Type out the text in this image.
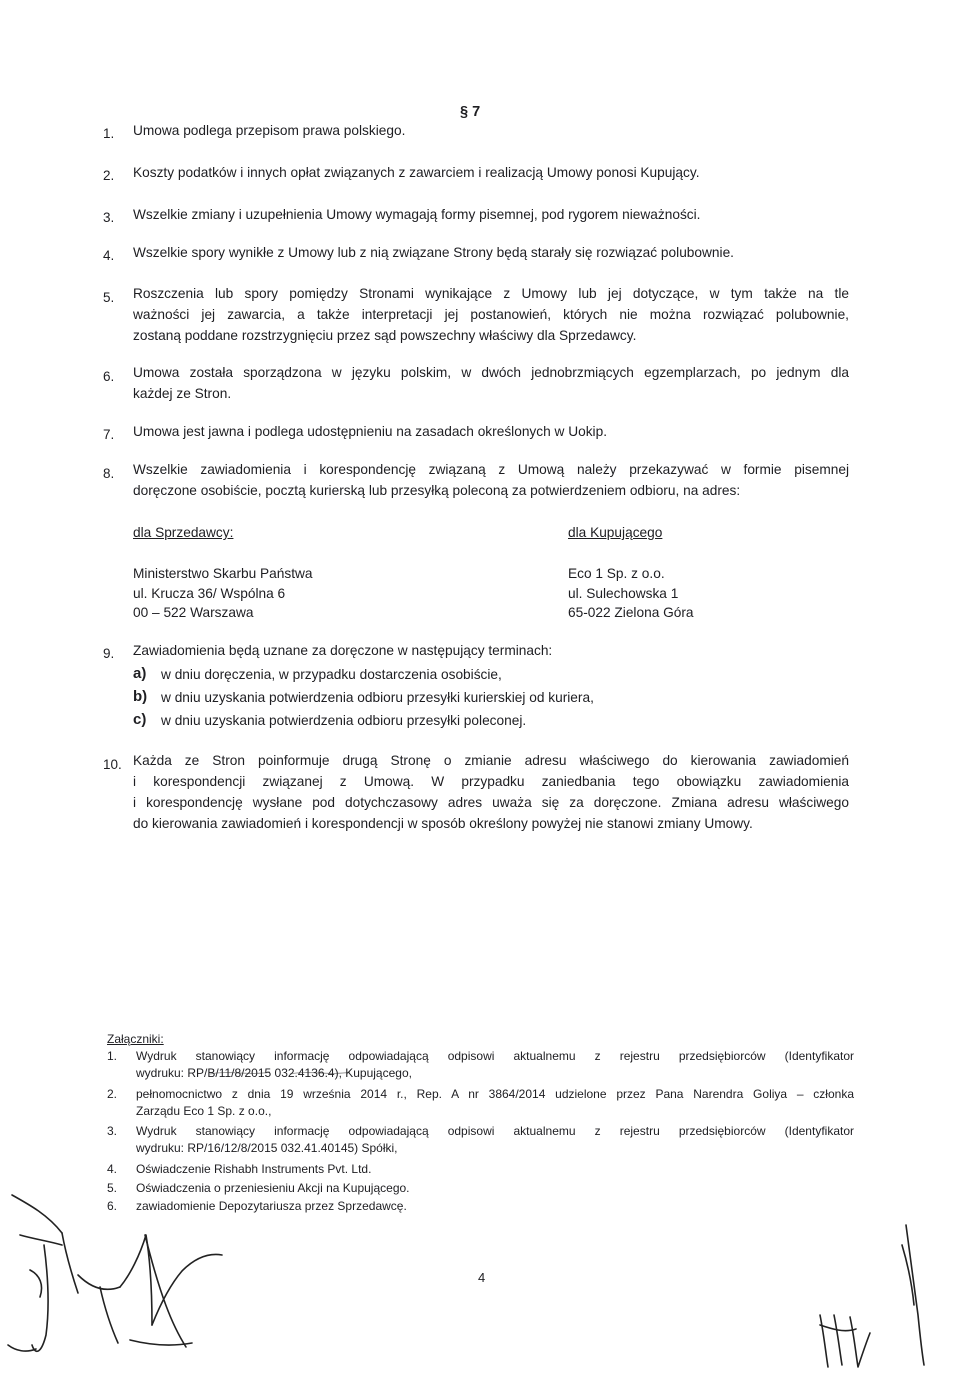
§ 7
1. Umowa podlega przepisom prawa polskiego.
2. Koszty podatków i innych opłat związanych z zawarciem i realizacją Umowy ponosi Kupujący.
3. Wszelkie zmiany i uzupełnienia Umowy wymagają formy pisemnej, pod rygorem nieważności.
4. Wszelkie spory wynikłe z Umowy lub z nią związane Strony będą starały się rozwiązać polubownie.
5. Roszczenia lub spory pomiędzy Stronami wynikające z Umowy lub jej dotyczące, w tym także na tle
ważności jej zawarcia, a także interpretacji jej postanowień, których nie można rozwiązać polubownie,
zostaną poddane rozstrzygnięciu przez sąd powszechny właściwy dla Sprzedawcy.
6. Umowa została sporządzona w języku polskim, w dwóch jednobrzmiących egzemplarzach, po jednym dla
każdej ze Stron.
7. Umowa jest jawna i podlega udostępnieniu na zasadach określonych w Uokip.
8. Wszelkie zawiadomienia i korespondencję związaną z Umową należy przekazywać w formie pisemnej
doręczone osobiście, pocztą kurierską lub przesyłką poleconą za potwierdzeniem odbioru, na adres:
dla Sprzedawcy:
Ministerstwo Skarbu Państwa
ul. Krucza 36/ Wspólna 6
00 – 522 Warszawa
dla Kupującego
Eco 1 Sp. z o.o.
ul. Sulechowska 1
65-022 Zielona Góra
9. Zawiadomienia będą uznane za doręczone w następujący terminach:
a) w dniu doręczenia, w przypadku dostarczenia osobiście,
b) w dniu uzyskania potwierdzenia odbioru przesyłki kurierskiej od kuriera,
c) w dniu uzyskania potwierdzenia odbioru przesyłki poleconej.
10. Każda ze Stron poinformuje drugą Stronę o zmianie adresu właściwego do kierowania zawiadomień
i korespondencji związanej z Umową. W przypadku zaniedbania tego obowiązku zawiadomienia
i korespondencję wysłane pod dotychczasowy adres uważa się za doręczone. Zmiana adresu właściwego
do kierowania zawiadomień i korespondencji w sposób określony powyżej nie stanowi zmiany Umowy.
Załączniki:
1. Wydruk stanowiący informację odpowiadającą odpisowi aktualnemu z rejestru przedsiębiorców (Identyfikator
wydruku: RP/B/11/8/2015 032.4136.4), Kupującego,
2. pełnomocnictwo z dnia 19 września 2014 r., Rep. A nr 3864/2014 udzielone przez Pana Narendra Goliya – członka
Zarządu Eco 1 Sp. z o.o.,
3. Wydruk stanowiący informację odpowiadającą odpisowi aktualnemu z rejestru przedsiębiorców (Identyfikator
wydruku: RP/16/12/8/2015 032.41.40145) Spółki,
4. Oświadczenie Rishabh Instruments Pvt. Ltd.
5. Oświadczenia o przeniesieniu Akcji na Kupującego.
6. zawiadomienie Depozytariusza przez Sprzedawcę.
4
